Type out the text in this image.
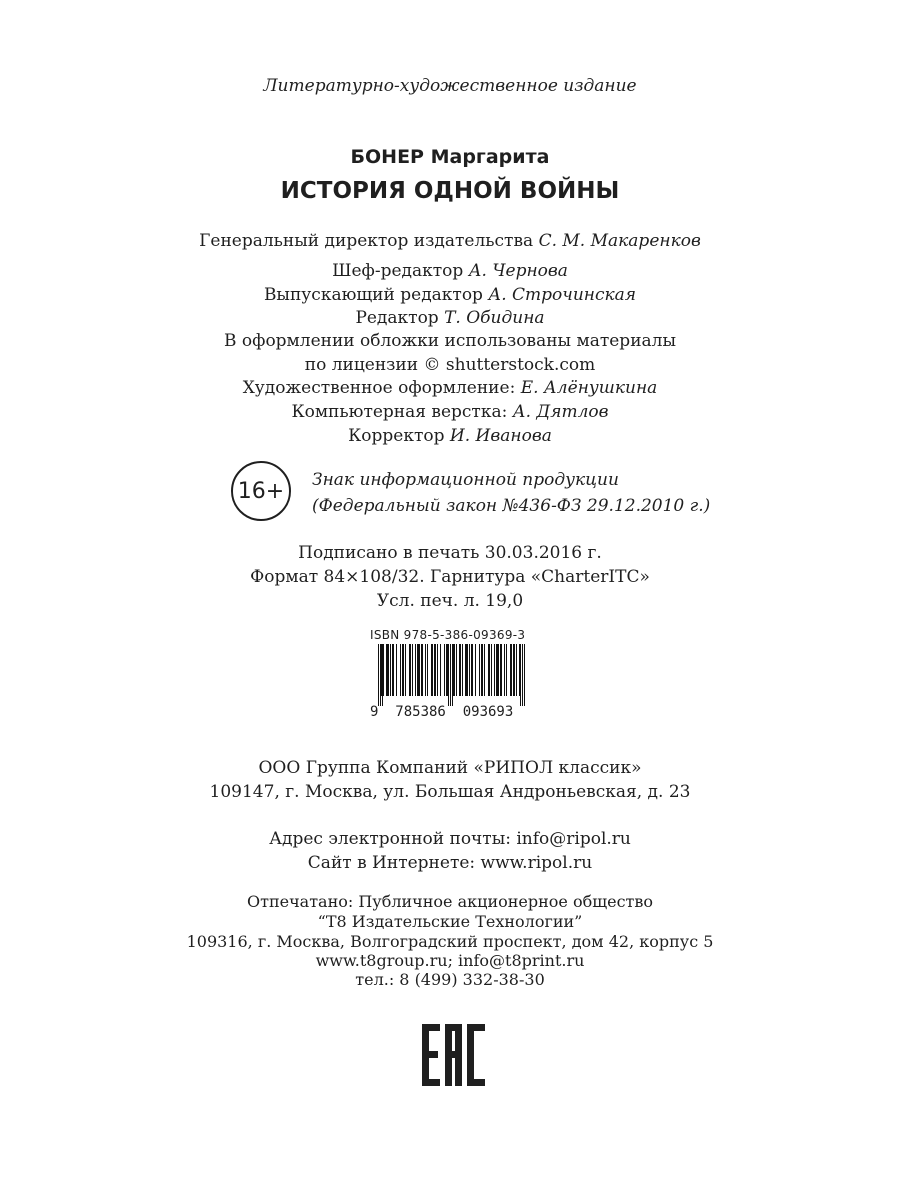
Литературно-художественное издание
БОНЕР Маргарита
ИСТОРИЯ ОДНОЙ ВОЙНЫ
Генеральный директор издательства С. М. Макаренков
Шеф-редактор А. Чернова
Выпускающий редактор А. Строчинская
Редактор Т. Обидина
В оформлении обложки использованы материалы
по лицензии © shutterstock.com
Художественное оформление: Е. Алёнушкина
Компьютерная верстка: А. Дятлов
Корректор И. Иванова
16+	Знак информационной продукции
(Федеральный закон №436-ФЗ 29.12.2010 г.)
Подписано в печать 30.03.2016 г.
Формат 84×108/32. Гарнитура «CharterITC»
Усл. печ. л. 19,0
ISBN 978-5-386-09369-3
9  785386  093693
ООО Группа Компаний «РИПОЛ классик»
109147, г. Москва, ул. Большая Андроньевская, д. 23
Адрес электронной почты: info@ripol.ru
Сайт в Интернете: www.ripol.ru
Отпечатано: Публичное акционерное общество
“Т8 Издательские Технологии”
109316, г. Москва, Волгоградский проспект, дом 42, корпус 5
www.t8group.ru; info@t8print.ru
тел.: 8 (499) 332-38-30
